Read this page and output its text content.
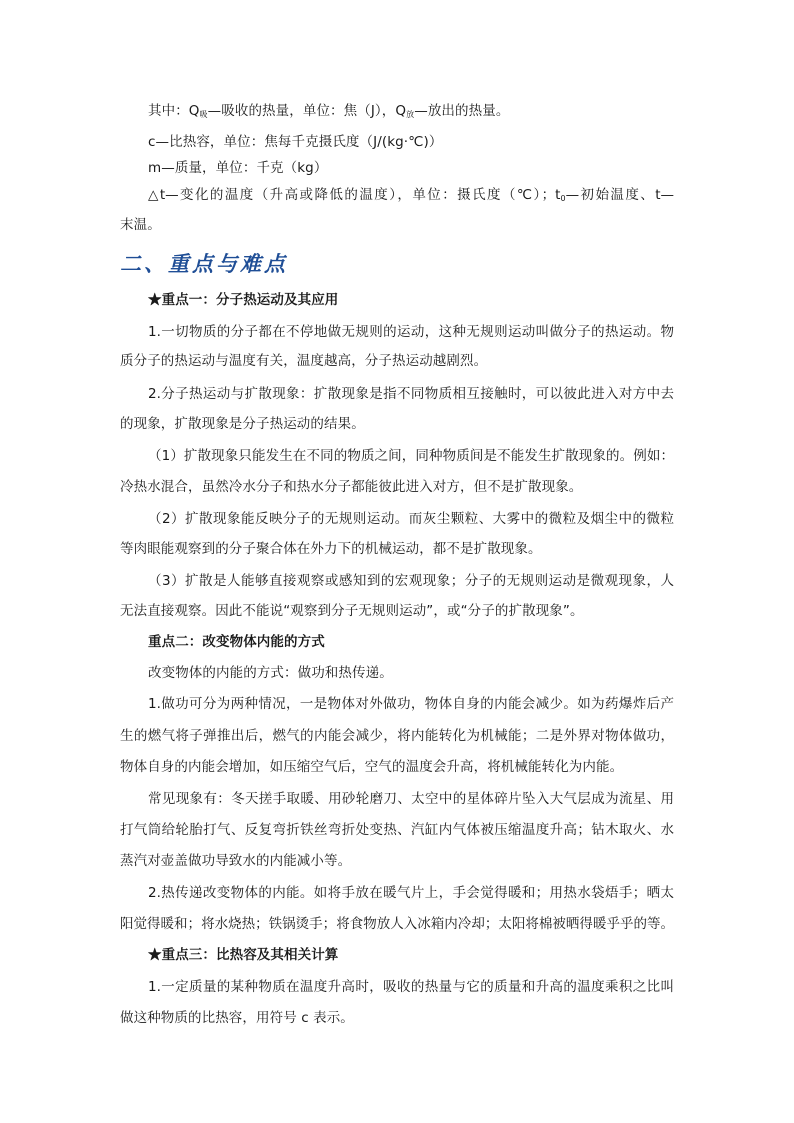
其中：$Q_吸—$吸收的热量，单位：焦（J），$Q_放—$放出的热量。
c—比热容，单位：焦每千克摄氏度（J/(kg·℃)）
m—质量，单位：千克（kg）
△t—变化的温度（升高或降低的温度），单位：摄氏度（℃）；$t_0—$初始温度、t—
末温。
二、重点与难点
★重点一：分子热运动及其应用
1.一切物质的分子都在不停地做无规则的运动，这种无规则运动叫做分子的热运动。物
质分子的热运动与温度有关，温度越高，分子热运动越剧烈。
2.分子热运动与扩散现象：扩散现象是指不同物质相互接触时，可以彼此进入对方中去
的现象，扩散现象是分子热运动的结果。
（1）扩散现象只能发生在不同的物质之间，同种物质间是不能发生扩散现象的。例如：
冷热水混合，虽然冷水分子和热水分子都能彼此进入对方，但不是扩散现象。
（2）扩散现象能反映分子的无规则运动。而灰尘颗粒、大雾中的微粒及烟尘中的微粒
等肉眼能观察到的分子聚合体在外力下的机械运动，都不是扩散现象。
（3）扩散是人能够直接观察或感知到的宏观现象；分子的无规则运动是微观现象，人
无法直接观察。因此不能说“观察到分子无规则运动”，或“分子的扩散现象”。
重点二：改变物体内能的方式
改变物体的内能的方式：做功和热传递。
1.做功可分为两种情况，一是物体对外做功，物体自身的内能会减少。如为药爆炸后产
生的燃气将子弹推出后，燃气的内能会减少，将内能转化为机械能；二是外界对物体做功，
物体自身的内能会增加，如压缩空气后，空气的温度会升高，将机械能转化为内能。
常见现象有：冬天搓手取暖、用砂轮磨刀、太空中的星体碎片坠入大气层成为流星、用
打气筒给轮胎打气、反复弯折铁丝弯折处变热、汽缸内气体被压缩温度升高；钻木取火、水
蒸汽对壶盖做功导致水的内能减小等。
2.热传递改变物体的内能。如将手放在暖气片上，手会觉得暖和；用热水袋焐手；晒太
阳觉得暖和；将水烧热；铁锅烫手；将食物放人入冰箱内冷却；太阳将棉被晒得暖乎乎的等。
★重点三：比热容及其相关计算
1.一定质量的某种物质在温度升高时，吸收的热量与它的质量和升高的温度乘积之比叫
做这种物质的比热容，用符号 c 表示。
